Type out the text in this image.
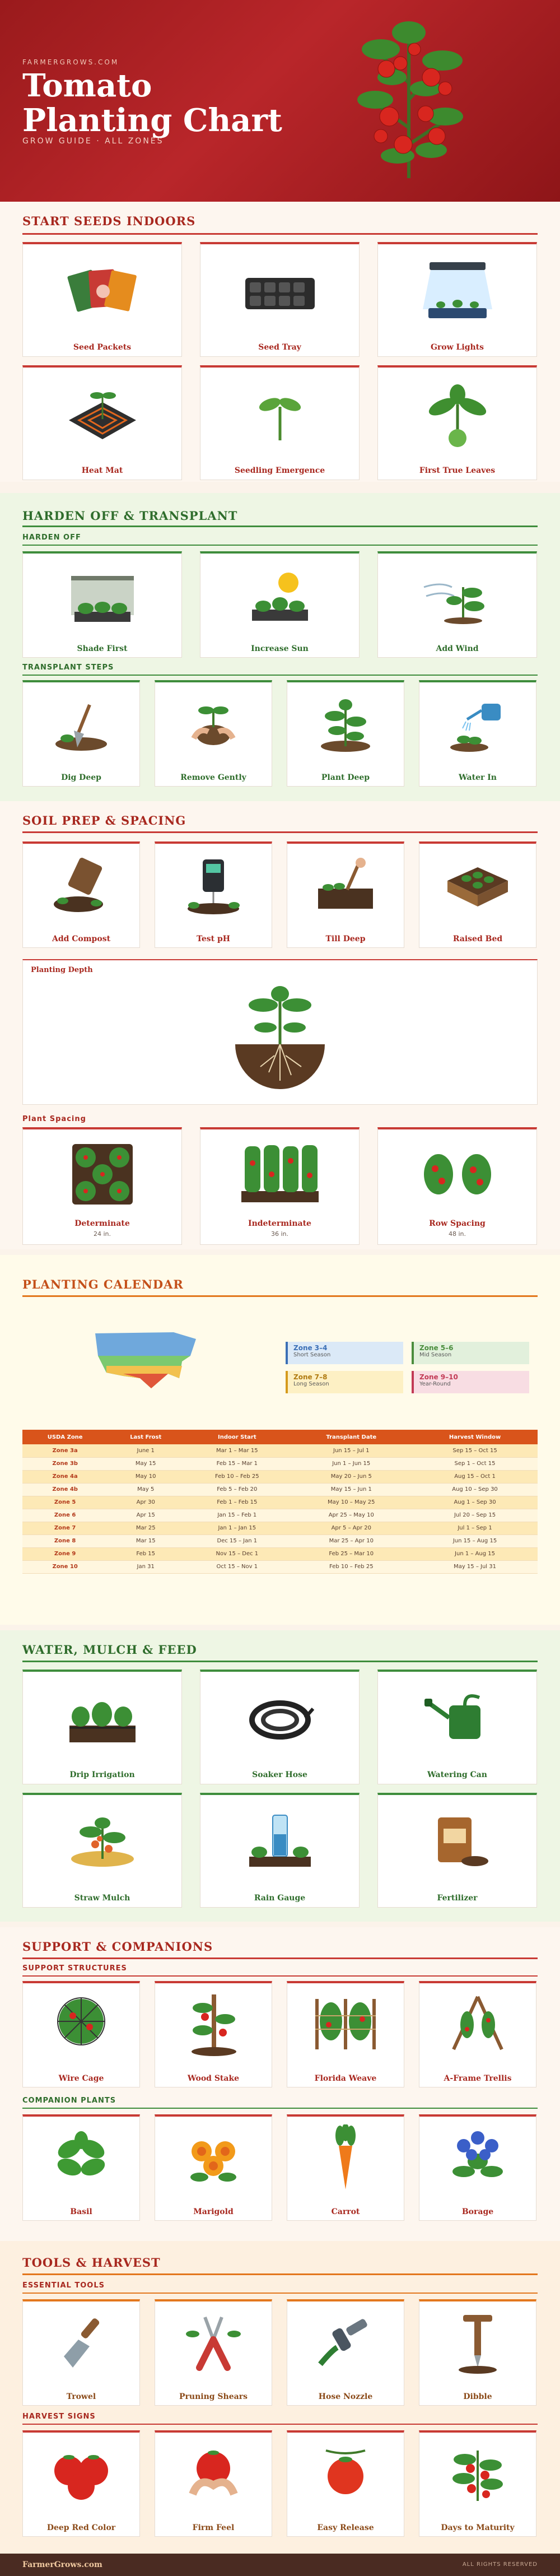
FARMERGROWS.COM
Tomato
Planting Chart
GROW GUIDE · ALL ZONES
START SEEDS INDOORS
Seed Packets	Seed Tray	Grow Lights
Heat Mat	Seedling Emergence	First True Leaves
HARDEN OFF & TRANSPLANT
HARDEN OFF
Shade First	Increase Sun	Add Wind
TRANSPLANT STEPS
Dig Deep	Remove Gently	Plant Deep	Water In
SOIL PREP & SPACING
Add Compost	Test pH	Till Deep	Raised Bed
Planting Depth
Plant Spacing
Determinate
24 in.
Indeterminate
36 in.
Row Spacing
48 in.
PLANTING CALENDAR
Zone 3–4
Short Season
Zone 5–6
Mid Season
Zone 7–8
Long Season
Zone 9–10
Year-Round
USDA Zone	Last Frost	Indoor Start	Transplant Date	Harvest Window
Zone 3a	June 1	Mar 1 – Mar 15	Jun 15 – Jul 1	Sep 15 – Oct 15
Zone 3b	May 15	Feb 15 – Mar 1	Jun 1 – Jun 15	Sep 1 – Oct 15
Zone 4a	May 10	Feb 10 – Feb 25	May 20 – Jun 5	Aug 15 – Oct 1
Zone 4b	May 5	Feb 5 – Feb 20	May 15 – Jun 1	Aug 10 – Sep 30
Zone 5	Apr 30	Feb 1 – Feb 15	May 10 – May 25	Aug 1 – Sep 30
Zone 6	Apr 15	Jan 15 – Feb 1	Apr 25 – May 10	Jul 20 – Sep 15
Zone 7	Mar 25	Jan 1 – Jan 15	Apr 5 – Apr 20	Jul 1 – Sep 1
Zone 8	Mar 15	Dec 15 – Jan 1	Mar 25 – Apr 10	Jun 15 – Aug 15
Zone 9	Feb 15	Nov 15 – Dec 1	Feb 25 – Mar 10	Jun 1 – Aug 15
Zone 10	Jan 31	Oct 15 – Nov 1	Feb 10 – Feb 25	May 15 – Jul 31
WATER, MULCH & FEED
Drip Irrigation	Soaker Hose	Watering Can
Straw Mulch	Rain Gauge	Fertilizer
SUPPORT & COMPANIONS
SUPPORT STRUCTURES
Wire Cage	Wood Stake	Florida Weave	A-Frame Trellis
COMPANION PLANTS
Basil	Marigold	Carrot	Borage
TOOLS & HARVEST
ESSENTIAL TOOLS
Trowel	Pruning Shears	Hose Nozzle	Dibble
HARVEST SIGNS
Deep Red Color	Firm Feel	Easy Release	Days to Maturity
FarmerGrows.com	ALL RIGHTS RESERVED
